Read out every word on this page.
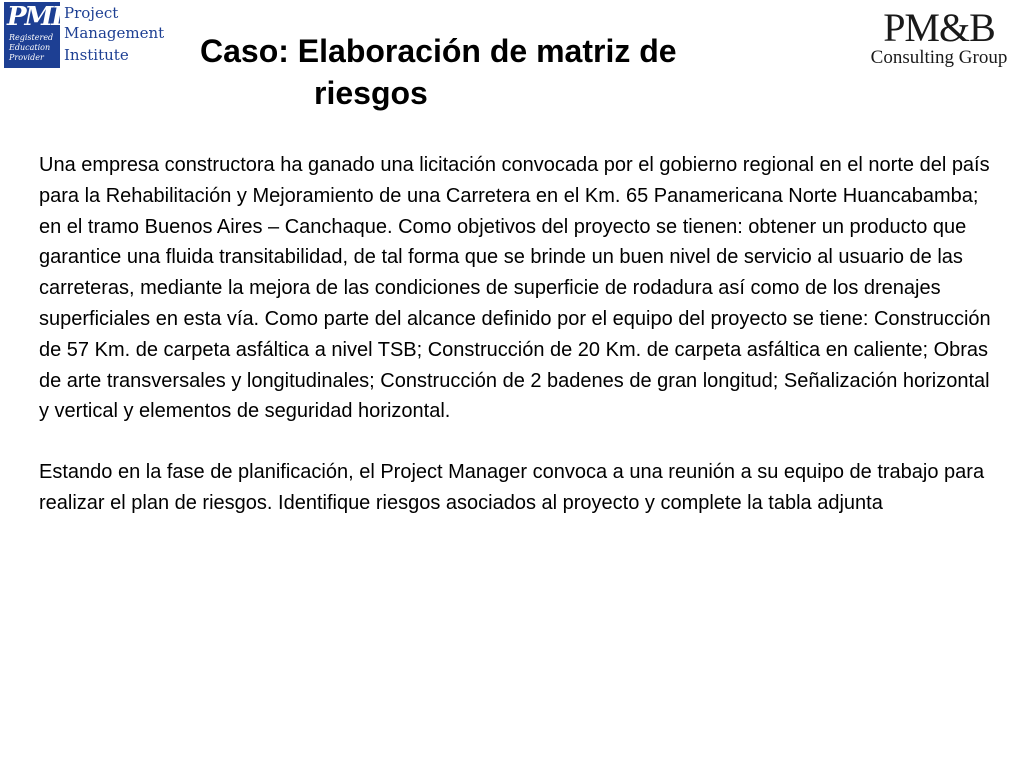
PMI
Registered
Education
Provider
Project
Management
Institute
PM&B
Consulting Group
Caso: Elaboración de matriz de
riesgos

Una empresa constructora ha ganado una licitación convocada por el gobierno regional en el norte del país para la Rehabilitación y Mejoramiento de una Carretera en el Km. 65 Panamericana Norte Huancabamba; en el tramo Buenos Aires – Canchaque. Como objetivos del proyecto se tienen: obtener un producto que garantice una fluida transitabilidad, de tal forma que se brinde un buen nivel de servicio al usuario de las carreteras, mediante la mejora de las condiciones de superficie de rodadura así como de los drenajes superficiales en esta vía. Como parte del alcance definido por el equipo del proyecto se tiene: Construcción de 57 Km. de carpeta asfáltica a nivel TSB; Construcción de 20 Km. de carpeta asfáltica en caliente; Obras de arte transversales y longitudinales; Construcción de 2 badenes de gran longitud; Señalización horizontal y vertical y elementos de seguridad horizontal.

Estando en la fase de planificación, el Project Manager convoca a una reunión a su equipo de trabajo para realizar el plan de riesgos. Identifique riesgos asociados al proyecto y complete la tabla adjunta
